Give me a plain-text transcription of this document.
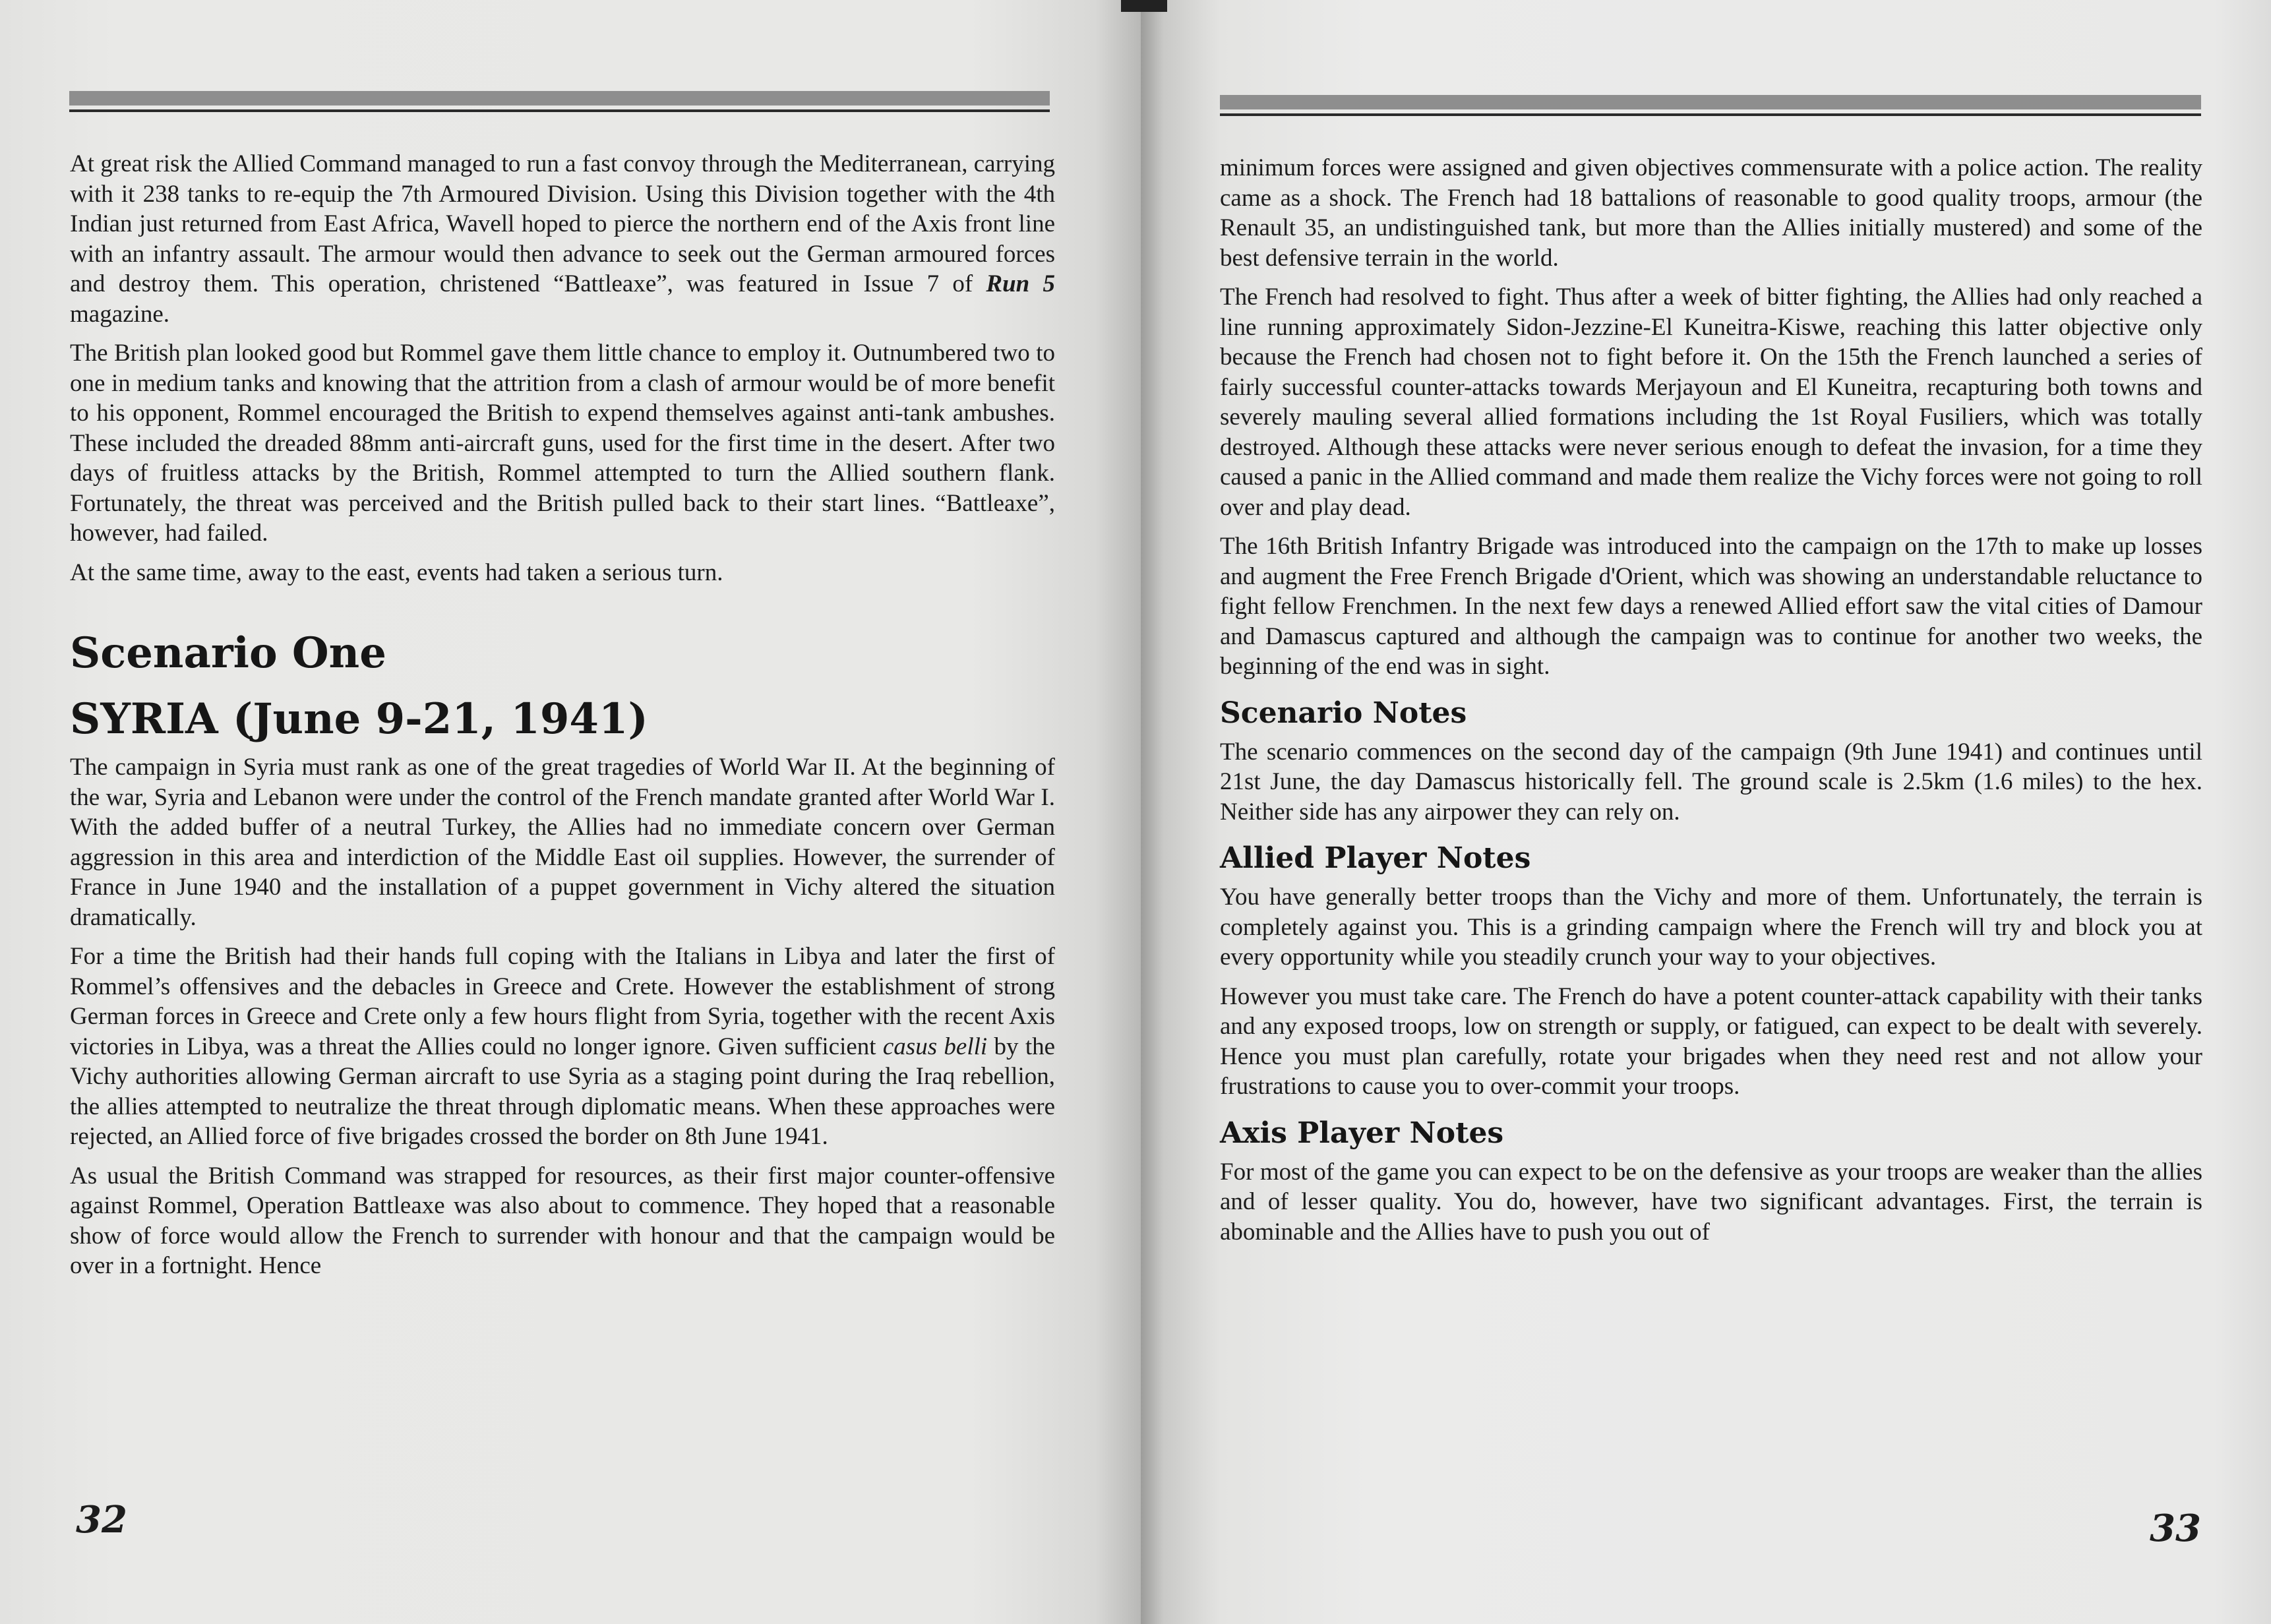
At great risk the Allied Command managed to run a fast convoy through the Mediterranean, carrying with it 238 tanks to re-equip the 7th Armoured Division. Using this Division together with the 4th Indian just returned from East Africa, Wavell hoped to pierce the northern end of the Axis front line with an infantry assault. The armour would then advance to seek out the German armoured forces and destroy them. This operation, christened “Battleaxe”, was featured in Issue 7 of Run 5 magazine.

The British plan looked good but Rommel gave them little chance to employ it. Outnumbered two to one in medium tanks and knowing that the attrition from a clash of armour would be of more benefit to his opponent, Rommel encouraged the British to expend themselves against anti-tank ambushes. These included the dreaded 88mm anti-aircraft guns, used for the first time in the desert. After two days of fruitless attacks by the British, Rommel attempted to turn the Allied southern flank. Fortunately, the threat was perceived and the British pulled back to their start lines. “Battleaxe”, however, had failed.

At the same time, away to the east, events had taken a serious turn.

Scenario One
SYRIA (June 9-21, 1941)

The campaign in Syria must rank as one of the great tragedies of World War II. At the beginning of the war, Syria and Lebanon were under the control of the French mandate granted after World War I. With the added buffer of a neutral Turkey, the Allies had no immediate concern over German aggression in this area and interdiction of the Middle East oil supplies. However, the surrender of France in June 1940 and the installation of a puppet government in Vichy altered the situation dramatically.

For a time the British had their hands full coping with the Italians in Libya and later the first of Rommel’s offensives and the debacles in Greece and Crete. However the establishment of strong German forces in Greece and Crete only a few hours flight from Syria, together with the recent Axis victories in Libya, was a threat the Allies could no longer ignore. Given sufficient casus belli by the Vichy authorities allowing German aircraft to use Syria as a staging point during the Iraq rebellion, the allies attempted to neutralize the threat through diplomatic means. When these approaches were rejected, an Allied force of five brigades crossed the border on 8th June 1941.

As usual the British Command was strapped for resources, as their first major counter-offensive against Rommel, Operation Battleaxe was also about to commence. They hoped that a reasonable show of force would allow the French to surrender with honour and that the campaign would be over in a fortnight. Hence

32

minimum forces were assigned and given objectives commensurate with a police action. The reality came as a shock. The French had 18 battalions of reasonable to good quality troops, armour (the Renault 35, an undistinguished tank, but more than the Allies initially mustered) and some of the best defensive terrain in the world.

The French had resolved to fight. Thus after a week of bitter fighting, the Allies had only reached a line running approximately Sidon-Jezzine-El Kuneitra-Kiswe, reaching this latter objective only because the French had chosen not to fight before it. On the 15th the French launched a series of fairly successful counter-attacks towards Merjayoun and El Kuneitra, recapturing both towns and severely mauling several allied formations including the 1st Royal Fusiliers, which was totally destroyed. Although these attacks were never serious enough to defeat the invasion, for a time they caused a panic in the Allied command and made them realize the Vichy forces were not going to roll over and play dead.

The 16th British Infantry Brigade was introduced into the campaign on the 17th to make up losses and augment the Free French Brigade d'Orient, which was showing an understandable reluctance to fight fellow Frenchmen. In the next few days a renewed Allied effort saw the vital cities of Damour and Damascus captured and although the campaign was to continue for another two weeks, the beginning of the end was in sight.

Scenario Notes

The scenario commences on the second day of the campaign (9th June 1941) and continues until 21st June, the day Damascus historically fell. The ground scale is 2.5km (1.6 miles) to the hex. Neither side has any airpower they can rely on.

Allied Player Notes

You have generally better troops than the Vichy and more of them. Unfortunately, the terrain is completely against you. This is a grinding campaign where the French will try and block you at every opportunity while you steadily crunch your way to your objectives.

However you must take care. The French do have a potent counter-attack capability with their tanks and any exposed troops, low on strength or supply, or fatigued, can expect to be dealt with severely. Hence you must plan carefully, rotate your brigades when they need rest and not allow your frustrations to cause you to over-commit your troops.

Axis Player Notes

For most of the game you can expect to be on the defensive as your troops are weaker than the allies and of lesser quality. You do, however, have two significant advantages. First, the terrain is abominable and the Allies have to push you out of

33
